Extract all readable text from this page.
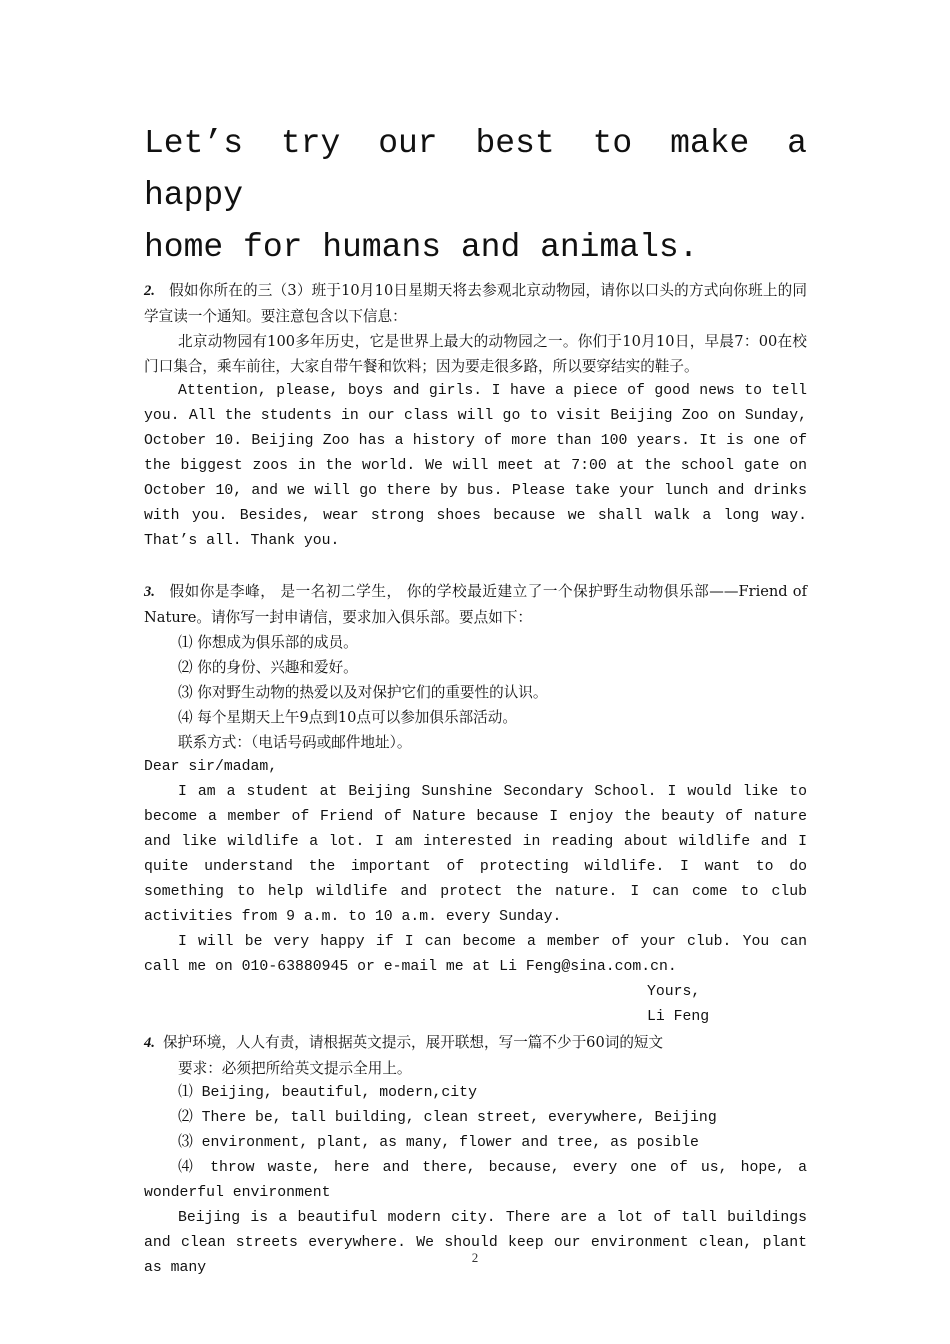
Let’s try our best to make a happy
home for humans and animals.

2. 假如你所在的三（3）班于10月10日星期天将去参观北京动物园，请你以口头的方式向你班上的同学宣读一个通知。要注意包含以下信息：

北京动物园有100多年历史，它是世界上最大的动物园之一。你们于10月10日，早晨7：00在校门口集合，乘车前往，大家自带午餐和饮料；因为要走很多路，所以要穿结实的鞋子。

Attention, please, boys and girls. I have a piece of good news to tell you. All the students in our class will go to visit Beijing Zoo on Sunday, October 10. Beijing Zoo has a history of more than 100 years. It is one of the biggest zoos in the world. We will meet at 7:00 at the school gate on October 10, and we will go there by bus. Please take your lunch and drinks with you. Besides, wear strong shoes because we shall walk a long way. That’s all. Thank you.

3. 假如你是李峰， 是一名初二学生， 你的学校最近建立了一个保护野生动物俱乐部——Friend of Nature。请你写一封申请信，要求加入俱乐部。要点如下：

⑴ 你想成为俱乐部的成员。

⑵ 你的身份、兴趣和爱好。

⑶ 你对野生动物的热爱以及对保护它们的重要性的认识。

⑷ 每个星期天上午9点到10点可以参加俱乐部活动。

联系方式：（电话号码或邮件地址）。

Dear sir/madam,

I am a student at Beijing Sunshine Secondary School. I would like to become a member of Friend of Nature because I enjoy the beauty of nature and like wildlife a lot. I am interested in reading about wildlife and I quite understand the important of protecting wildlife. I want to do something to help wildlife and protect the nature. I can come to club activities from 9 a.m. to 10 a.m. every Sunday.

I will be very happy if I can become a member of your club. You can call me on 010-63880945 or e-mail me at Li Feng@sina.com.cn.

Yours,

Li Feng

4. 保护环境，人人有责，请根据英文提示，展开联想，写一篇不少于60词的短文

要求：必须把所给英文提示全用上。

⑴ Beijing, beautiful, modern,city

⑵ There be, tall building, clean street, everywhere, Beijing

⑶ environment, plant, as many, flower and tree, as posible

⑷ throw waste, here and there, because, every one of us, hope, a wonderful environment

Beijing is a beautiful modern city. There are a lot of tall buildings and clean streets everywhere. We should keep our environment clean, plant as many

2
